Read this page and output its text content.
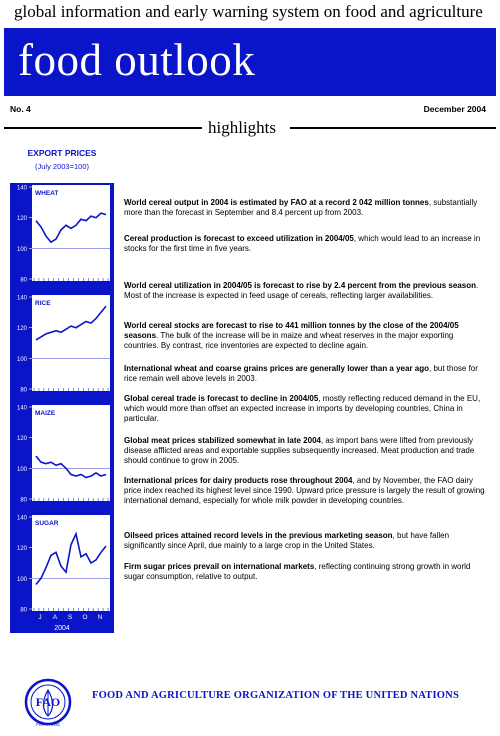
global information and early warning system on food and agriculture
food outlook
No. 4	December 2004
highlights
EXPORT PRICES
(July 2003=100)
140
120
100
80
WHEAT
140
120
100
80
RICE
140
120
100
80
MAIZE
140
120
100
80
SUGAR
J A S O N
2004
World cereal output in 2004 is estimated by FAO at a record 2 042 million tonnes, substantially more than the forecast in September and 8.4 percent up from 2003.
Cereal production is forecast to exceed utilization in 2004/05, which would lead to an increase in stocks for the first time in five years.
World cereal utilization in 2004/05 is forecast to rise by 2.4 percent from the previous season. Most of the increase is expected in feed usage of cereals, reflecting larger availabilities.
World cereal stocks are forecast to rise to 441 million tonnes by the close of the 2004/05 seasons. The bulk of the increase will be in maize and wheat reserves in the major exporting countries. By contrast, rice inventories are expected to decline again.
International wheat and coarse grains prices are generally lower than a year ago, but those for rice remain well above levels in 2003.
Global cereal trade is forecast to decline in 2004/05, mostly reflecting reduced demand in the EU, which would more than offset an expected increase in imports by developing countries, China in particular.
Global meat prices stabilized somewhat in late 2004, as import bans were lifted from previously disease afflicted areas and exportable supplies subsequently increased. Meat production and trade should continue to grow in 2005.
International prices for dairy products rose throughout 2004, and by November, the FAO dairy price index reached its highest level since 1990. Upward price pressure is largely the result of growing international demand, especially for whole milk powder in developing countries.
Oilseed prices attained record levels in the previous marketing season, but have fallen significantly since April, due mainly to a large crop in the United States.
Firm sugar prices prevail on international markets, reflecting continuing strong growth in world sugar consumption, relative to output.
FAO
FIAT PANIS
FOOD AND AGRICULTURE ORGANIZATION OF THE UNITED NATIONS
